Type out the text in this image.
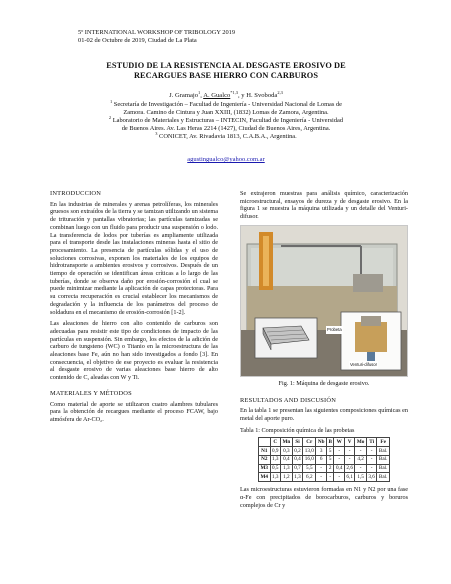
5º INTERNATIONAL WORKSHOP OF TRIBOLOGY 2019
01-02 de Octubre de 2019, Ciudad de La Plata
ESTUDIO DE LA RESISTENCIA AL DESGASTE EROSIVO DE
RECARGUES BASE HIERRO CON CARBUROS
J. Gramajo$^1$, A. Gualco$^{*1,3}$, y H. Svoboda$^{2,3}$
$^1$ Secretaría de Investigación – Facultad de Ingeniería - Universidad Nacional de Lomas de
Zamora. Camino de Cintura y Juan XXIII, (1832) Lomas de Zamora, Argentina.
$^2$ Laboratorio de Materiales y Estructuras – INTECIN, Facultad de Ingeniería - Universidad
de Buenos Aires. Av. Las Heras 2214 (1427), Ciudad de Buenos Aires, Argentina.
$^3$ CONICET, Av. Rivadavia 1813, C.A.B.A., Argentina.
agustingualco@yahoo.com.ar
INTRODUCCION

En las industrias de minerales y arenas petrolíferas, los minerales gruesos son extraídos de la tierra y se tamizan utilizando un sistema de trituración y pantallas vibratorias; las partículas tamizadas se combinan luego con un fluido para producir una suspensión o lodo. La transferencia de lodos por tuberías es ampliamente utilizada para el transporte desde las instalaciones mineras hasta el sitio de procesamiento. La presencia de partículas sólidas y el uso de soluciones corrosivas, exponen los materiales de los equipos de hidrotransporte a ambientes erosivos y corrosivos. Después de un tiempo de operación se identifican áreas críticas a lo largo de las tuberías, donde se observa daño por erosión-corrosión el cual se puede minimizar mediante la aplicación de capas protectoras. Para su correcta recuperación es crucial establecer los mecanismos de degradación y la influencia de los parámetros del proceso de soldadura en el mecanismo de erosión-corrosión [1-2].

Las aleaciones de hierro con alto contenido de carburos son adecuadas para resistir este tipo de condiciones de impacto de las partículas en suspensión. Sin embargo, los efectos de la adición de carburo de tungsteno (WC) o Titanio en la microestructura de las aleaciones base Fe, aún no han sido investigados a fondo [3]. En consecuencia, el objetivo de ese proyecto es evaluar la resistencia al desgaste erosivo de varias aleaciones base hierro de alto contenido de C, aleadas con W y Ti.

MATERIALES Y MÉTODOS

Como material de aporte se utilizaron cuatro alambres tubulares para la obtención de recargues mediante el proceso FCAW, bajo atmósfera de Ar-CO₂.

Se extrajeron muestras para análisis químico, caracterización microestructural, ensayos de dureza y de desgaste erosivo. En la figura 1 se muestra la máquina utilizada y un detalle del Venturi-difusor.

Probeta
Venturi-difusor
Fig. 1: Máquina de desgaste erosivo.
RESULTADOS AND DISCUSIÓN

En la tabla 1 se presentan las siguientes composiciones químicas en metal del aporte puro.

Tabla 1: Composición química de las probetas
	C	Mn	Si	Cr	Nb	B	W	V	Mo	Ti	Fe
N1	0,9	0,3	0,2	13,0	3	5	-	-	-	-	Bal.
N2	1,3	0,4	0,4	16,0	6	5	-	-	4,2	-	Bal.
M3	0,5	1,3	0,7	5,5	-	2	0,4	2,6	-	-	Bal.
M4	1,3	1,2	1,3	6,2	-	-	-	6,1	1,5	3,6	Bal.

Las microestructuras estuvieron formadas en N1 y N2 por una fase α-Fe con precipitados de borocarburos, carburos y boruros complejos de Cr y
